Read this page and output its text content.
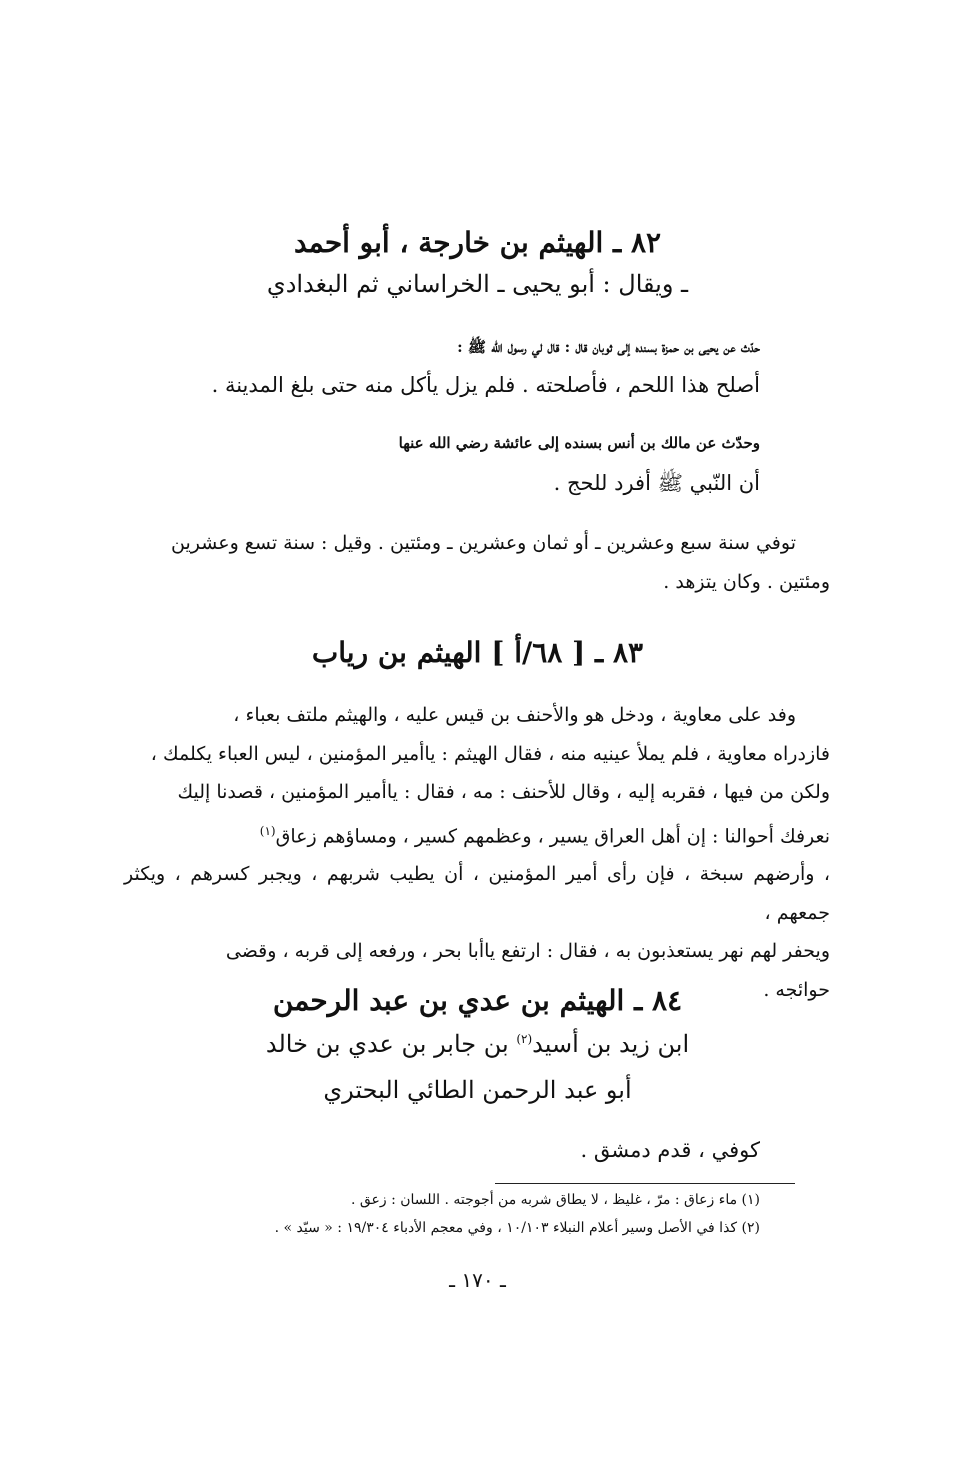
٨٢ ـ الهيثم بن خارجة ، أبو أحمد
ـ ويقال : أبو يحيى ـ الخراساني ثم البغدادي
حدّث عن يحيى بن حمزة بسنده إلى ثوبان قال : قال لي رسول الله ﷺ :
أصلح هذا اللحم ، فأصلحته . فلم يزل يأكل منه حتى بلغ المدينة .
وحدّث عن مالك بن أنس بسنده إلى عائشة رضي الله عنها
أن النّبي ﷺ أفرد للحج .

توفي سنة سبع وعشرين ـ أو ثمان وعشرين ـ ومئتين . وقيل : سنة تسع وعشرين

ومئتين . وكان يتزهد .

٨٣ ـ [ ٦٨/أ ] الهيثم بن رياب

وفد على معاوية ، ودخل هو والأحنف بن قيس عليه ، والهيثم ملتف بعباء ،

فازدراه معاوية ، فلم يملأ عينيه منه ، فقال الهيثم : ياأمير المؤمنين ، ليس العباء يكلمك ،

ولكن من فيها ، فقربه إليه ، وقال للأحنف : مه ، فقال : ياأمير المؤمنين ، قصدنا إليك

نعرفك أحوالنا : إن أهل العراق يسير ، وعظمهم كسير ، ومساؤهم زعاق$^{(١)}$

، وأرضهم سبخة ، فإن رأى أمير المؤمنين ، أن يطيب شربهم ، ويجبر كسرهم ، ويكثر جمعهم ،

ويحفر لهم نهر يستعذبون به ، فقال : ارتفع ياأبا بحر ، ورفعه إلى قربه ، وقضى

حوائجه .

٨٤ ـ الهيثم بن عدي بن عبد الرحمن
ابن زيد بن أسيد$^{(٢)}$ بن جابر بن عدي بن خالد
أبو عبد الرحمن الطائي البحتري
كوفي ، قدم دمشق .
(١) ماء زعاق : مرّ ، غليظ ، لا يطاق شربه من أجوجته . اللسان : زعق .
(٢) كذا في الأصل وسير أعلام النبلاء ١٠/١٠٣ ، وفي معجم الأدباء ١٩/٣٠٤ : « سيّد » .
ـ ١٧٠ ـ
